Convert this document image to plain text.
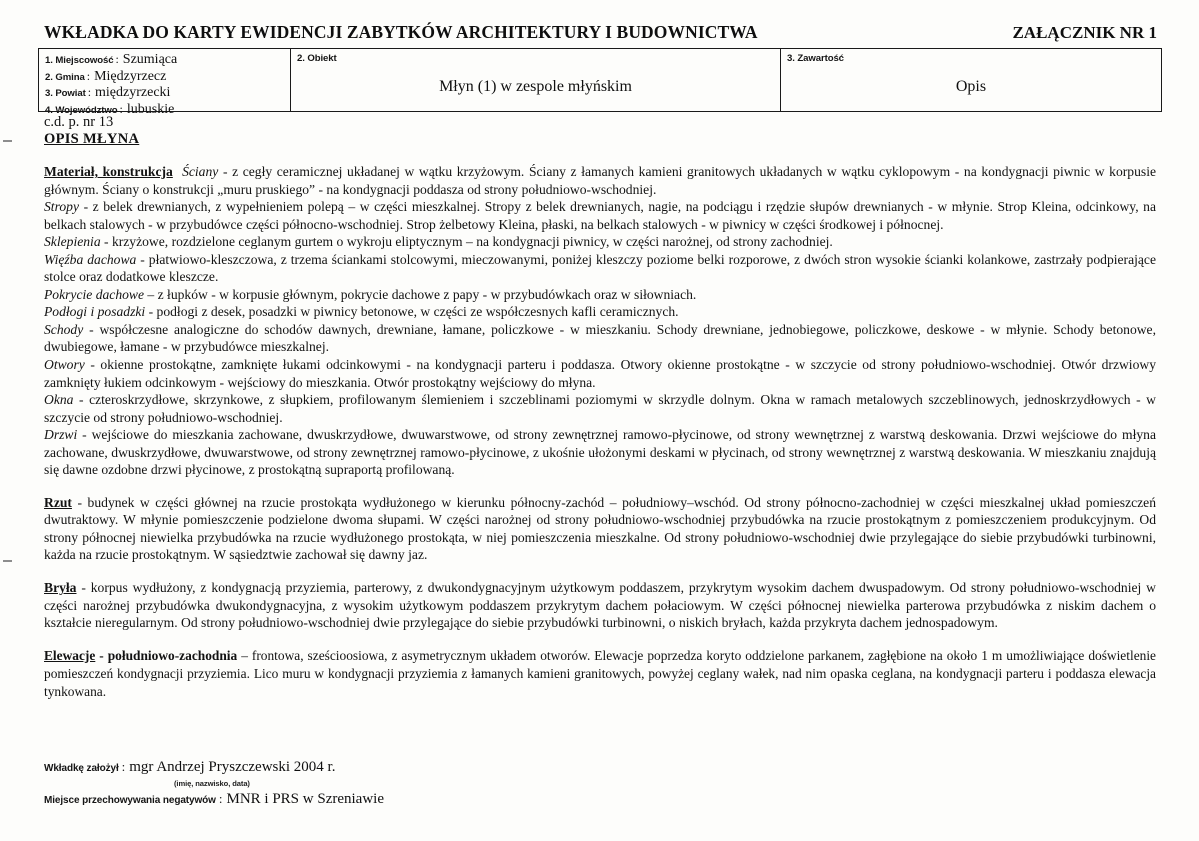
WKŁADKA DO KARTY EWIDENCJI ZABYTKÓW ARCHITEKTURY I BUDOWNICTWA	ZAŁĄCZNIK NR 1
1. Miejscowość : Szumiąca
2. Gmina : Międzyrzecz
3. Powiat : międzyrzecki
4. Województwo : lubuskie
2. Obiekt
Młyn (1) w zespole młyńskim
3. Zawartość
Opis
c.d. p. nr 13
OPIS MŁYNA

Materiał, konstrukcja Ściany - z cegły ceramicznej układanej w wątku krzyżowym. Ściany z łamanych kamieni granitowych układanych w wątku cyklopowym - na kondygnacji piwnic w korpusie głównym. Ściany o konstrukcji „muru pruskiego” - na kondygnacji poddasza od strony południowo-wschodniej.

Stropy - z belek drewnianych, z wypełnieniem polepą – w części mieszkalnej. Stropy z belek drewnianych, nagie, na podciągu i rzędzie słupów drewnianych - w młynie. Strop Kleina, odcinkowy, na belkach stalowych - w przybudówce części północno-wschodniej. Strop żelbetowy Kleina, płaski, na belkach stalowych - w piwnicy w części środkowej i północnej.

Sklepienia - krzyżowe, rozdzielone ceglanym gurtem o wykroju eliptycznym – na kondygnacji piwnicy, w części narożnej, od strony zachodniej.

Więźba dachowa - płatwiowo-kleszczowa, z trzema ściankami stolcowymi, mieczowanymi, poniżej kleszczy poziome belki rozporowe, z dwóch stron wysokie ścianki kolankowe, zastrzały podpierające stolce oraz dodatkowe kleszcze.

Pokrycie dachowe – z łupków - w korpusie głównym, pokrycie dachowe z papy - w przybudówkach oraz w siłowniach.

Podłogi i posadzki - podłogi z desek, posadzki w piwnicy betonowe, w części ze współczesnych kafli ceramicznych.

Schody - współczesne analogiczne do schodów dawnych, drewniane, łamane, policzkowe - w mieszkaniu. Schody drewniane, jednobiegowe, policzkowe, deskowe - w młynie. Schody betonowe, dwubiegowe, łamane - w przybudówce mieszkalnej.

Otwory - okienne prostokątne, zamknięte łukami odcinkowymi - na kondygnacji parteru i poddasza. Otwory okienne prostokątne - w szczycie od strony południowo-wschodniej. Otwór drzwiowy zamknięty łukiem odcinkowym - wejściowy do mieszkania. Otwór prostokątny wejściowy do młyna.

Okna - czteroskrzydłowe, skrzynkowe, z słupkiem, profilowanym ślemieniem i szczeblinami poziomymi w skrzydle dolnym. Okna w ramach metalowych szczeblinowych, jednoskrzydłowych - w szczycie od strony południowo-wschodniej.

Drzwi - wejściowe do mieszkania zachowane, dwuskrzydłowe, dwuwarstwowe, od strony zewnętrznej ramowo-płycinowe, od strony wewnętrznej z warstwą deskowania. Drzwi wejściowe do młyna zachowane, dwuskrzydłowe, dwuwarstwowe, od strony zewnętrznej ramowo-płycinowe, z ukośnie ułożonymi deskami w płycinach, od strony wewnętrznej z warstwą deskowania. W mieszkaniu znajdują się dawne ozdobne drzwi płycinowe, z prostokątną supraportą profilowaną.

Rzut - budynek w części głównej na rzucie prostokąta wydłużonego w kierunku północny-zachód – południowy–wschód. Od strony północno-zachodniej w części mieszkalnej układ pomieszczeń dwutraktowy. W młynie pomieszczenie podzielone dwoma słupami. W części narożnej od strony południowo-wschodniej przybudówka na rzucie prostokątnym z pomieszczeniem produkcyjnym. Od strony północnej niewielka przybudówka na rzucie wydłużonego prostokąta, w niej pomieszczenia mieszkalne. Od strony południowo-wschodniej dwie przylegające do siebie przybudówki turbinowni, każda na rzucie prostokątnym. W sąsiedztwie zachował się dawny jaz.

Bryła - korpus wydłużony, z kondygnacją przyziemia, parterowy, z dwukondygnacyjnym użytkowym poddaszem, przykrytym wysokim dachem dwuspadowym. Od strony południowo-wschodniej w części narożnej przybudówka dwukondygnacyjna, z wysokim użytkowym poddaszem przykrytym dachem połaciowym. W części północnej niewielka parterowa przybudówka z niskim dachem o kształcie nieregularnym. Od strony południowo-wschodniej dwie przylegające do siebie przybudówki turbinowni, o niskich bryłach, każda przykryta dachem jednospadowym.

Elewacje - południowo-zachodnia – frontowa, sześcioosiowa, z asymetrycznym układem otworów. Elewacje poprzedza koryto oddzielone parkanem, zagłębione na około 1 m umożliwiające doświetlenie pomieszczeń kondygnacji przyziemia. Lico muru w kondygnacji przyziemia z łamanych kamieni granitowych, powyżej ceglany wałek, nad nim opaska ceglana, na kondygnacji parteru i poddasza elewacja tynkowana.

Wkładkę założył : mgr Andrzej Pryszczewski 2004 r.
(imię, nazwisko, data)
Miejsce przechowywania negatywów : MNR i PRS w Szreniawie
